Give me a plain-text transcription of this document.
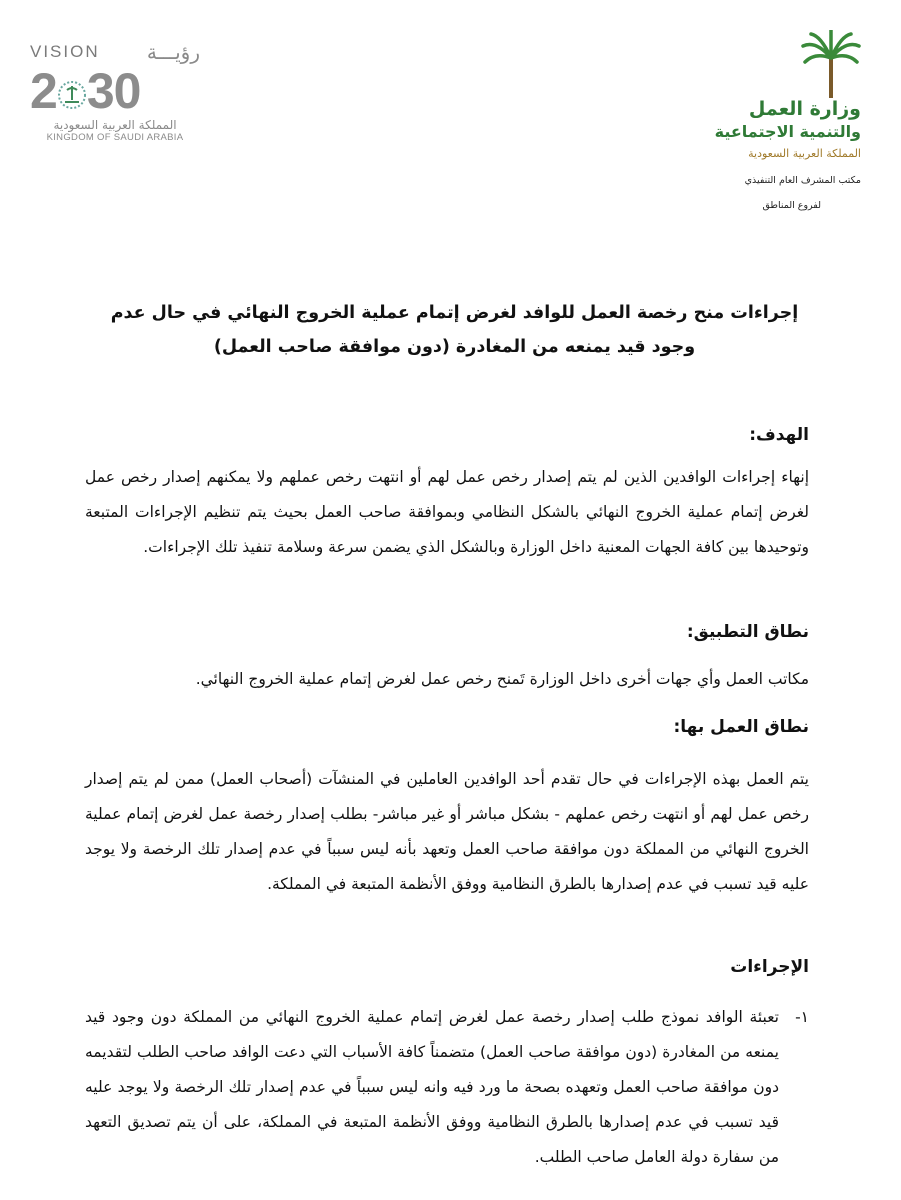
VISION رؤيـــة
2 30
المملكة العربية السعودية
KINGDOM OF SAUDI ARABIA
وزارة العمل
والتنمية الاجتماعية
المملكة العربية السعودية
مكتب المشرف العام التنفيذي
لفروع المناطق
إجراءات منح رخصة العمل للوافد لغرض إتمام عملية الخروج النهائي في حال عدم وجود قيد يمنعه من المغادرة (دون موافقة صاحب العمل)
الهدف:
إنهاء إجراءات الوافدين الذين لم يتم إصدار رخص عمل لهم أو انتهت رخص عملهم ولا يمكنهم إصدار رخص عمل لغرض إتمام عملية الخروج النهائي بالشكل النظامي وبموافقة صاحب العمل بحيث يتم تنظيم الإجراءات المتبعة وتوحيدها بين كافة الجهات المعنية داخل الوزارة وبالشكل الذي يضمن سرعة وسلامة تنفيذ تلك الإجراءات.
نطاق التطبيق:
مكاتب العمل وأي جهات أخرى داخل الوزارة تَمنح رخص عمل لغرض إتمام عملية الخروج النهائي.
نطاق العمل بها:
يتم العمل بهذه الإجراءات في حال تقدم أحد الوافدين العاملين في المنشآت (أصحاب العمل) ممن لم يتم إصدار رخص عمل لهم أو انتهت رخص عملهم - بشكل مباشر أو غير مباشر- بطلب إصدار رخصة عمل لغرض إتمام عملية الخروج النهائي من المملكة دون موافقة صاحب العمل وتعهد بأنه ليس سبباً في عدم إصدار تلك الرخصة ولا يوجد عليه قيد تسبب في عدم إصدارها بالطرق النظامية ووفق الأنظمة المتبعة في المملكة.
الإجراءات
١-
تعبئة الوافد نموذج طلب إصدار رخصة عمل لغرض إتمام عملية الخروج النهائي من المملكة دون وجود قيد يمنعه من المغادرة (دون موافقة صاحب العمل) متضمناً كافة الأسباب التي دعت الوافد صاحب الطلب لتقديمه دون موافقة صاحب العمل وتعهده بصحة ما ورد فيه وانه ليس سبباً في عدم إصدار تلك الرخصة ولا يوجد عليه قيد تسبب في عدم إصدارها بالطرق النظامية ووفق الأنظمة المتبعة في المملكة، على أن يتم تصديق التعهد من سفارة دولة العامل صاحب الطلب.
